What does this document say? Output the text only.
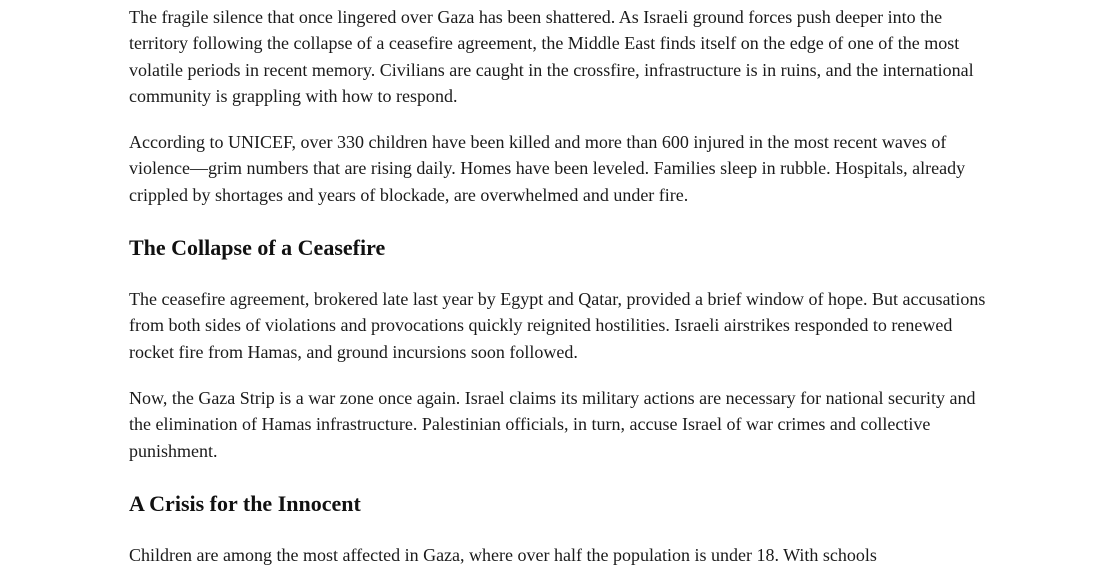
The fragile silence that once lingered over Gaza has been shattered. As Israeli ground forces push deeper into the territory following the collapse of a ceasefire agreement, the Middle East finds itself on the edge of one of the most volatile periods in recent memory. Civilians are caught in the crossfire, infrastructure is in ruins, and the international community is grappling with how to respond.

According to UNICEF, over 330 children have been killed and more than 600 injured in the most recent waves of violence—grim numbers that are rising daily. Homes have been leveled. Families sleep in rubble. Hospitals, already crippled by shortages and years of blockade, are overwhelmed and under fire.

The Collapse of a Ceasefire

The ceasefire agreement, brokered late last year by Egypt and Qatar, provided a brief window of hope. But accusations from both sides of violations and provocations quickly reignited hostilities. Israeli airstrikes responded to renewed rocket fire from Hamas, and ground incursions soon followed.

Now, the Gaza Strip is a war zone once again. Israel claims its military actions are necessary for national security and the elimination of Hamas infrastructure. Palestinian officials, in turn, accuse Israel of war crimes and collective punishment.

A Crisis for the Innocent

Children are among the most affected in Gaza, where over half the population is under 18. With schools
